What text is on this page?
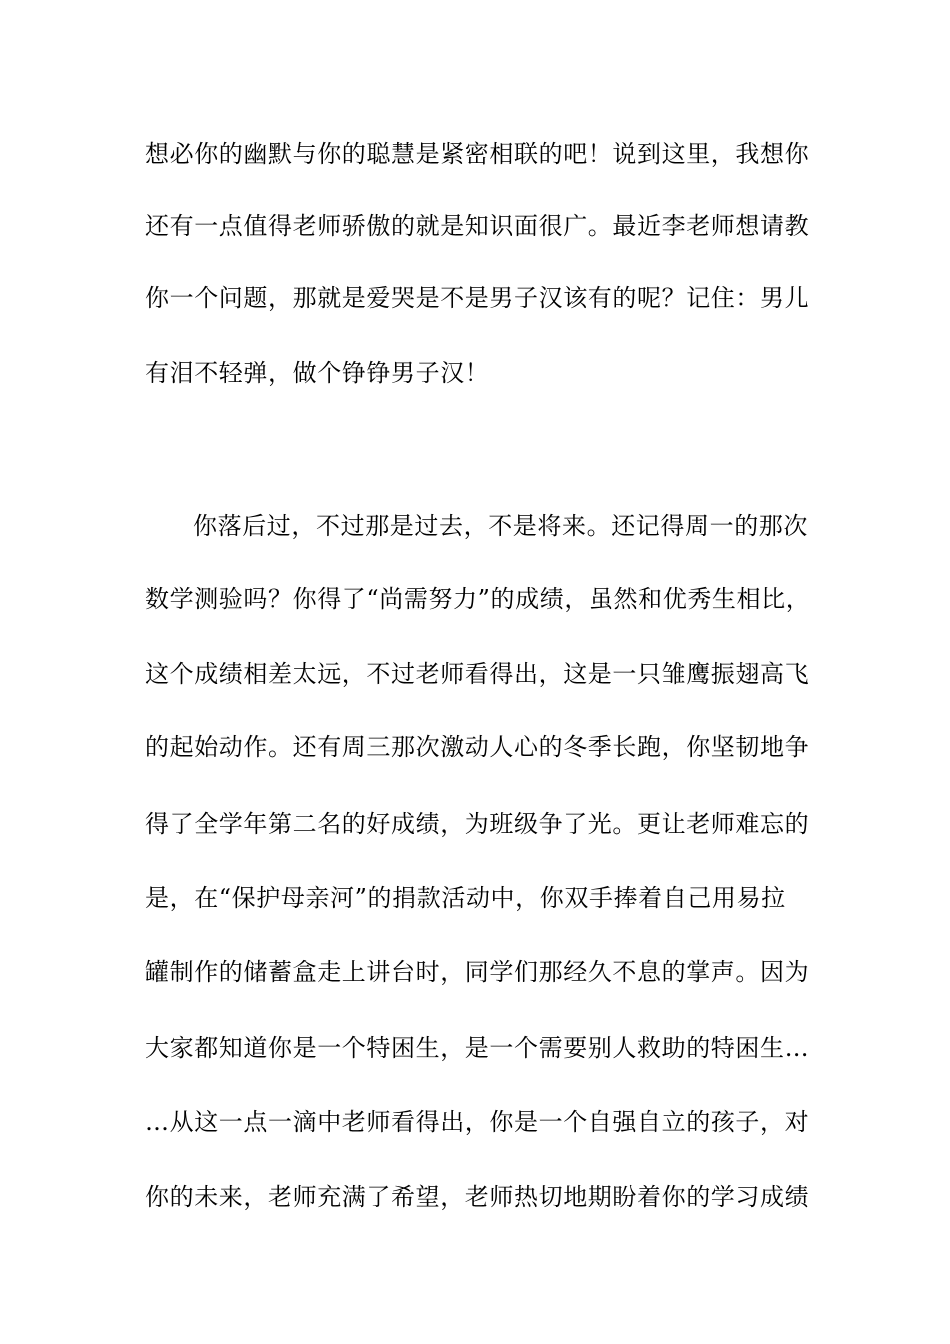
想必你的幽默与你的聪慧是紧密相联的吧！说到这里，我想你
还有一点值得老师骄傲的就是知识面很广。最近李老师想请教
你一个问题，那就是爱哭是不是男子汉该有的呢？记住：男儿
有泪不轻弹，做个铮铮男子汉！
你落后过，不过那是过去，不是将来。还记得周一的那次
数学测验吗？你得了“尚需努力”的成绩，虽然和优秀生相比，
这个成绩相差太远，不过老师看得出，这是一只雏鹰振翅高飞
的起始动作。还有周三那次激动人心的冬季长跑，你坚韧地争
得了全学年第二名的好成绩，为班级争了光。更让老师难忘的
是，在“保护母亲河”的捐款活动中，你双手捧着自己用易拉
罐制作的储蓄盒走上讲台时，同学们那经久不息的掌声。因为
大家都知道你是一个特困生，是一个需要别人救助的特困生…
…从这一点一滴中老师看得出，你是一个自强自立的孩子，对
你的未来，老师充满了希望，老师热切地期盼着你的学习成绩
